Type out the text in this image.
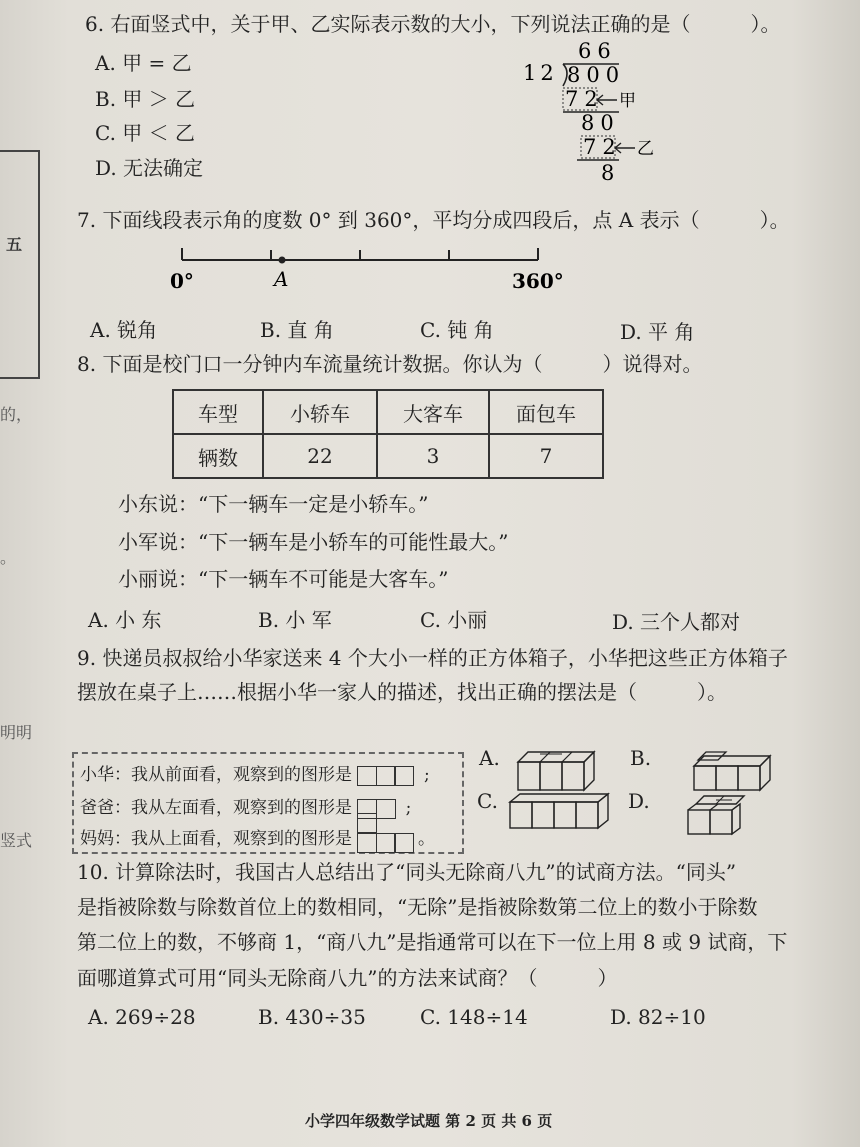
五
的，
。
明明
竖式
6. 右面竖式中，关于甲、乙实际表示数的大小，下列说法正确的是（　　　）。
A. 甲 = 乙
B. 甲 ＞ 乙
C. 甲 ＜ 乙
D. 无法确定
66
12 800
72 甲
80
72 乙
8
7. 下面线段表示角的度数 0° 到 360°，平均分成四段后，点 A 表示（　　　）。
0°	A	360°
A. 锐角	B. 直 角	C. 钝 角	D. 平 角
8. 下面是校门口一分钟内车流量统计数据。你认为（　　　）说得对。
车型	小轿车	大客车	面包车
辆数	22	3	7
小东说：“下一辆车一定是小轿车。”
小军说：“下一辆车是小轿车的可能性最大。”
小丽说：“下一辆车不可能是大客车。”
A. 小 东	B. 小 军	C. 小丽	D. 三个人都对
9. 快递员叔叔给小华家送来 4 个大小一样的正方体箱子，小华把这些正方体箱子
摆放在桌子上……根据小华一家人的描述，找出正确的摆法是（　　　）。
小华：我从前面看，观察到的图形是	;
爸爸：我从左面看，观察到的图形是	;
妈妈：我从上面看，观察到的图形是	。
A.	B.
C.	D.
10. 计算除法时，我国古人总结出了“同头无除商八九”的试商方法。“同头”
是指被除数与除数首位上的数相同，“无除”是指被除数第二位上的数小于除数
第二位上的数，不够商 1，“商八九”是指通常可以在下一位上用 8 或 9 试商，下
面哪道算式可用“同头无除商八九”的方法来试商？（　　　）
A. 269÷28	B. 430÷35	C. 148÷14	D. 82÷10
小学四年级数学试题 第 2 页 共 6 页
